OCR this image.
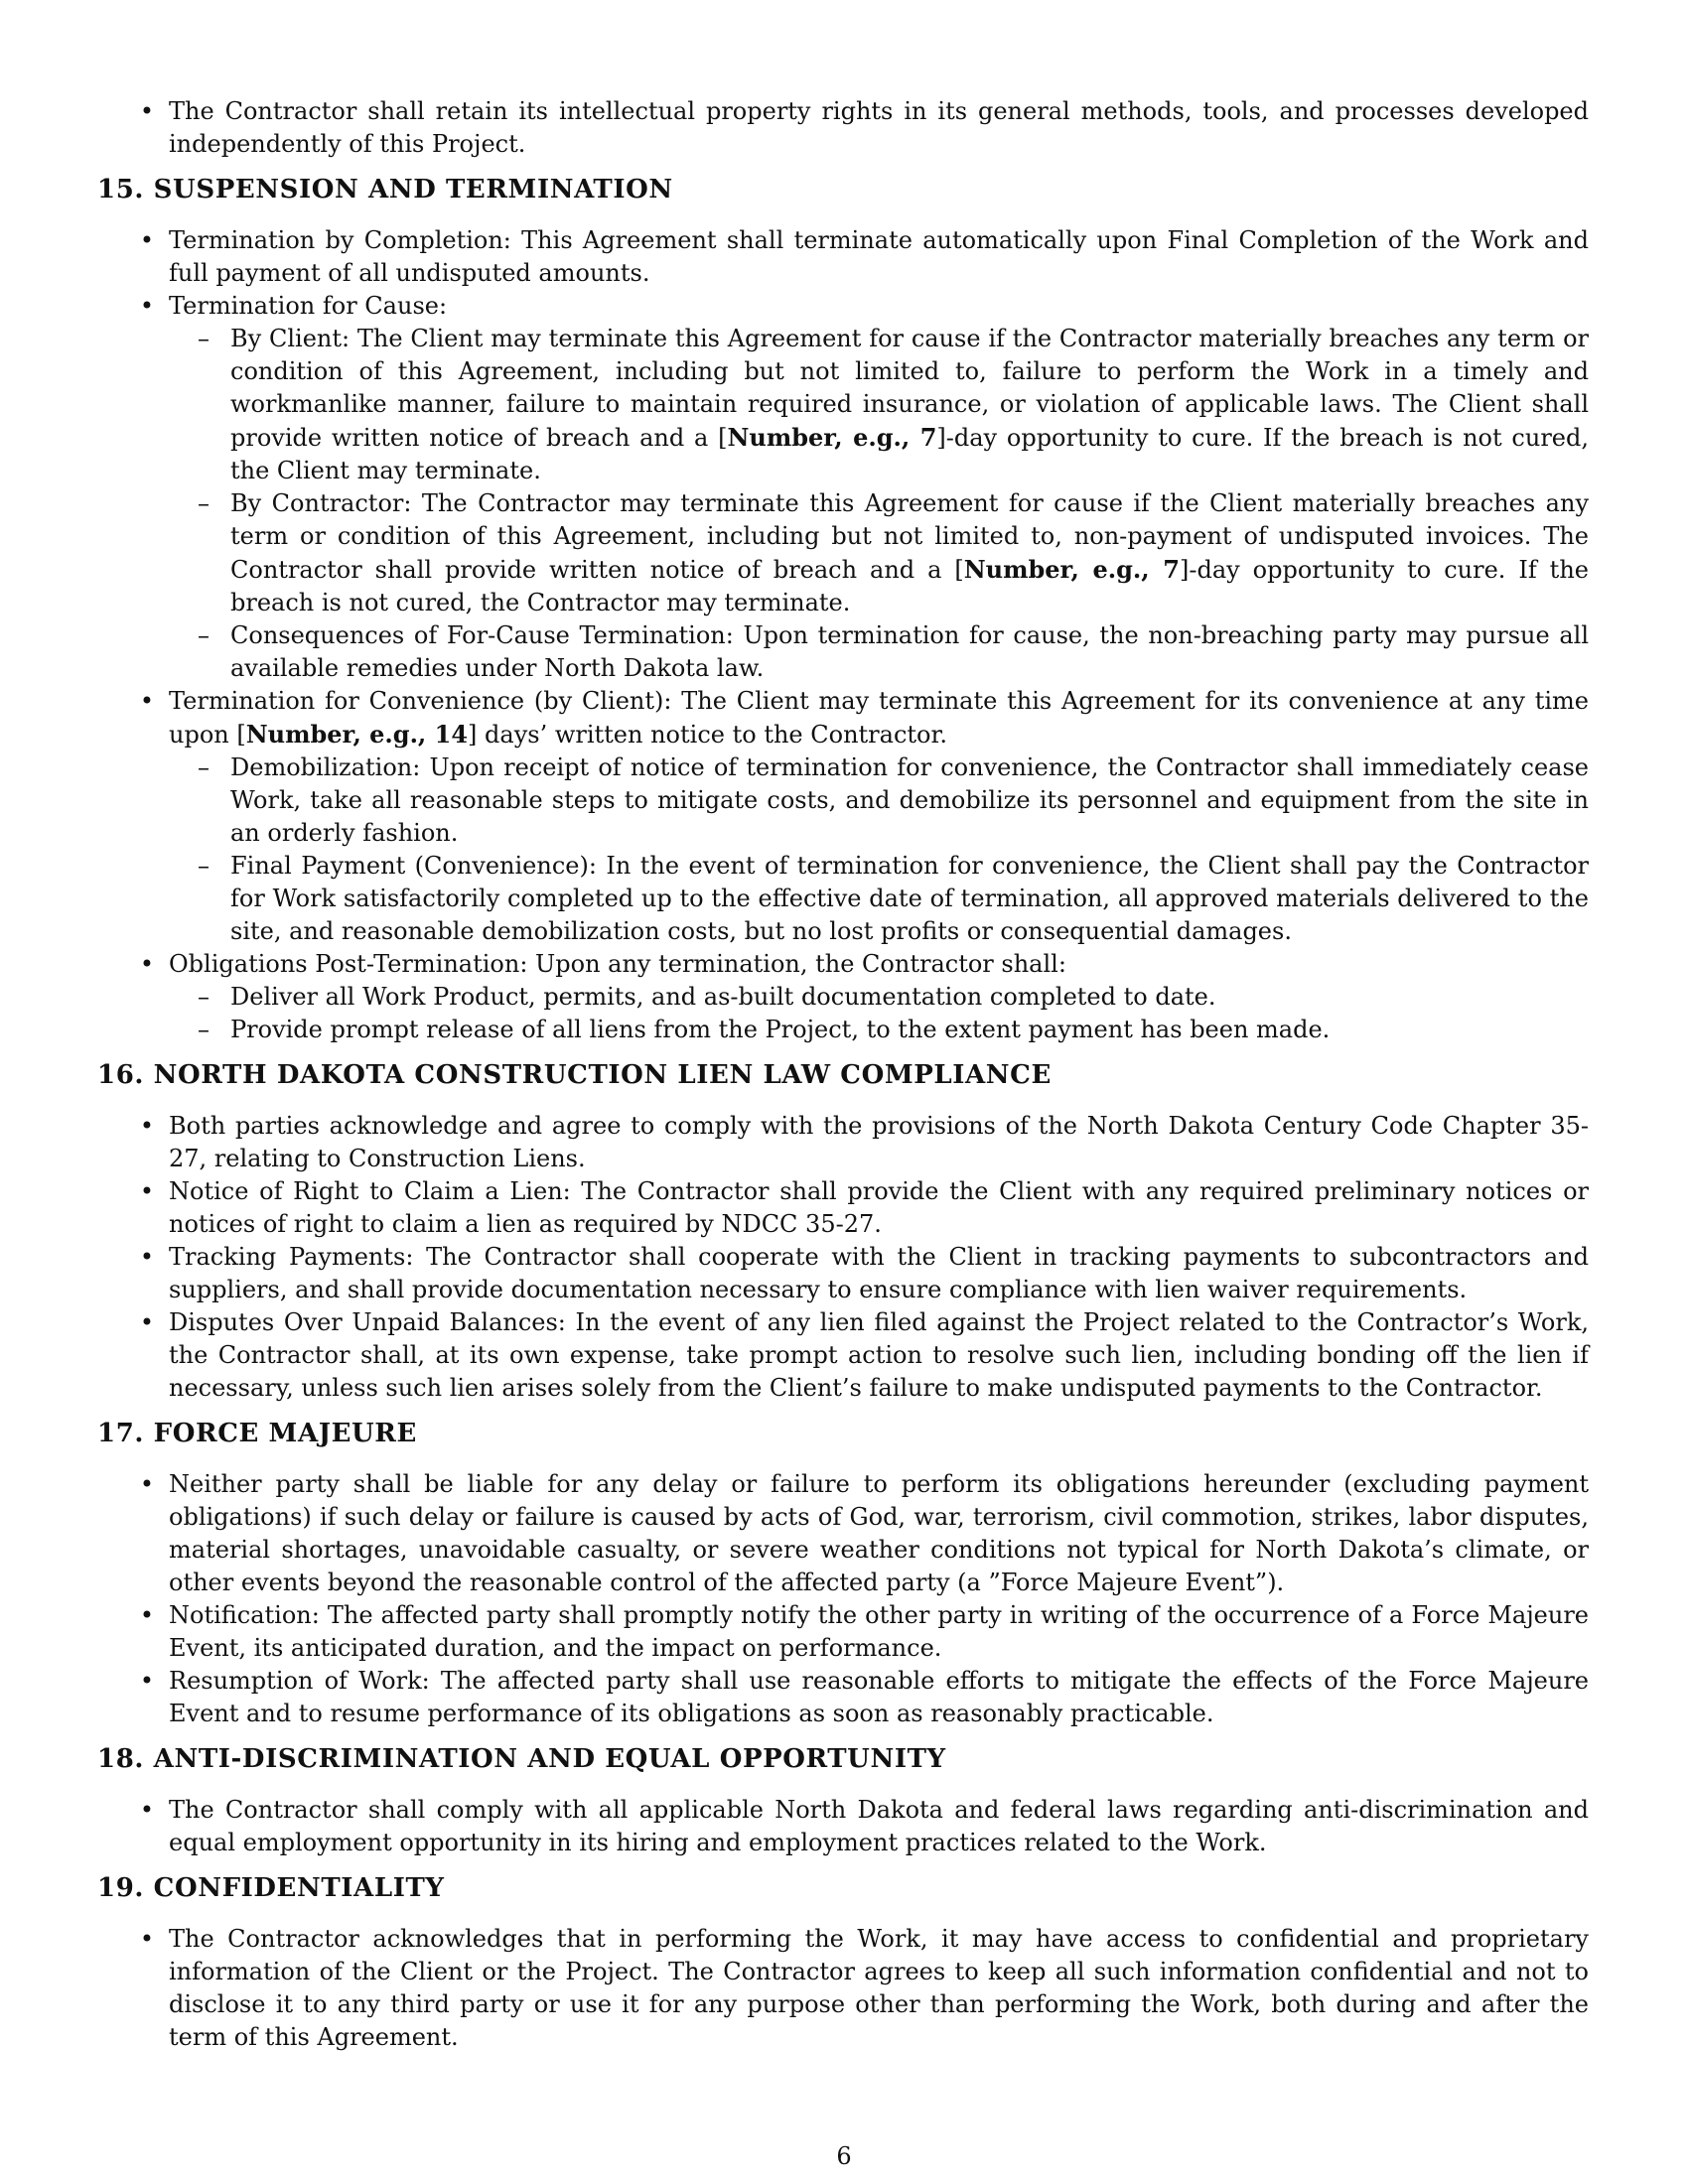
• The Contractor shall retain its intellectual property rights in its general methods, tools, and processes developed independently of this Project.
15. SUSPENSION AND TERMINATION
• Termination by Completion: This Agreement shall terminate automatically upon Final Completion of the Work and full payment of all undisputed amounts.
• Termination for Cause:
– By Client: The Client may terminate this Agreement for cause if the Contractor materially breaches any term or condition of this Agreement, including but not limited to, failure to perform the Work in a timely and workmanlike manner, failure to maintain required insurance, or violation of applicable laws. The Client shall provide written notice of breach and a [Number, e.g., 7]-day opportunity to cure. If the breach is not cured, the Client may terminate.
– By Contractor: The Contractor may terminate this Agreement for cause if the Client materially breaches any term or condition of this Agreement, including but not limited to, non-payment of undisputed invoices. The Contractor shall provide written notice of breach and a [Number, e.g., 7]-day opportunity to cure. If the breach is not cured, the Contractor may terminate.
– Consequences of For-Cause Termination: Upon termination for cause, the non-breaching party may pursue all available remedies under North Dakota law.
• Termination for Convenience (by Client): The Client may terminate this Agreement for its convenience at any time upon [Number, e.g., 14] days’ written notice to the Contractor.
– Demobilization: Upon receipt of notice of termination for convenience, the Contractor shall immediately cease Work, take all reasonable steps to mitigate costs, and demobilize its personnel and equipment from the site in an orderly fashion.
– Final Payment (Convenience): In the event of termination for convenience, the Client shall pay the Contractor for Work satisfactorily completed up to the effective date of termination, all approved materials delivered to the site, and reasonable demobilization costs, but no lost profits or consequential damages.
• Obligations Post-Termination: Upon any termination, the Contractor shall:
– Deliver all Work Product, permits, and as-built documentation completed to date.
– Provide prompt release of all liens from the Project, to the extent payment has been made.
16. NORTH DAKOTA CONSTRUCTION LIEN LAW COMPLIANCE
• Both parties acknowledge and agree to comply with the provisions of the North Dakota Century Code Chapter 35-27, relating to Construction Liens.
• Notice of Right to Claim a Lien: The Contractor shall provide the Client with any required preliminary notices or notices of right to claim a lien as required by NDCC 35-27.
• Tracking Payments: The Contractor shall cooperate with the Client in tracking payments to subcontractors and suppliers, and shall provide documentation necessary to ensure compliance with lien waiver requirements.
• Disputes Over Unpaid Balances: In the event of any lien filed against the Project related to the Contractor’s Work, the Contractor shall, at its own expense, take prompt action to resolve such lien, including bonding off the lien if necessary, unless such lien arises solely from the Client’s failure to make undisputed payments to the Contractor.
17. FORCE MAJEURE
• Neither party shall be liable for any delay or failure to perform its obligations hereunder (excluding payment obligations) if such delay or failure is caused by acts of God, war, terrorism, civil commotion, strikes, labor disputes, material shortages, unavoidable casualty, or severe weather conditions not typical for North Dakota’s climate, or other events beyond the reasonable control of the affected party (a ”Force Majeure Event”).
• Notification: The affected party shall promptly notify the other party in writing of the occurrence of a Force Majeure Event, its anticipated duration, and the impact on performance.
• Resumption of Work: The affected party shall use reasonable efforts to mitigate the effects of the Force Majeure Event and to resume performance of its obligations as soon as reasonably practicable.
18. ANTI-DISCRIMINATION AND EQUAL OPPORTUNITY
• The Contractor shall comply with all applicable North Dakota and federal laws regarding anti-discrimination and equal employment opportunity in its hiring and employment practices related to the Work.
19. CONFIDENTIALITY
• The Contractor acknowledges that in performing the Work, it may have access to confidential and proprietary information of the Client or the Project. The Contractor agrees to keep all such information confidential and not to disclose it to any third party or use it for any purpose other than performing the Work, both during and after the term of this Agreement.
6
